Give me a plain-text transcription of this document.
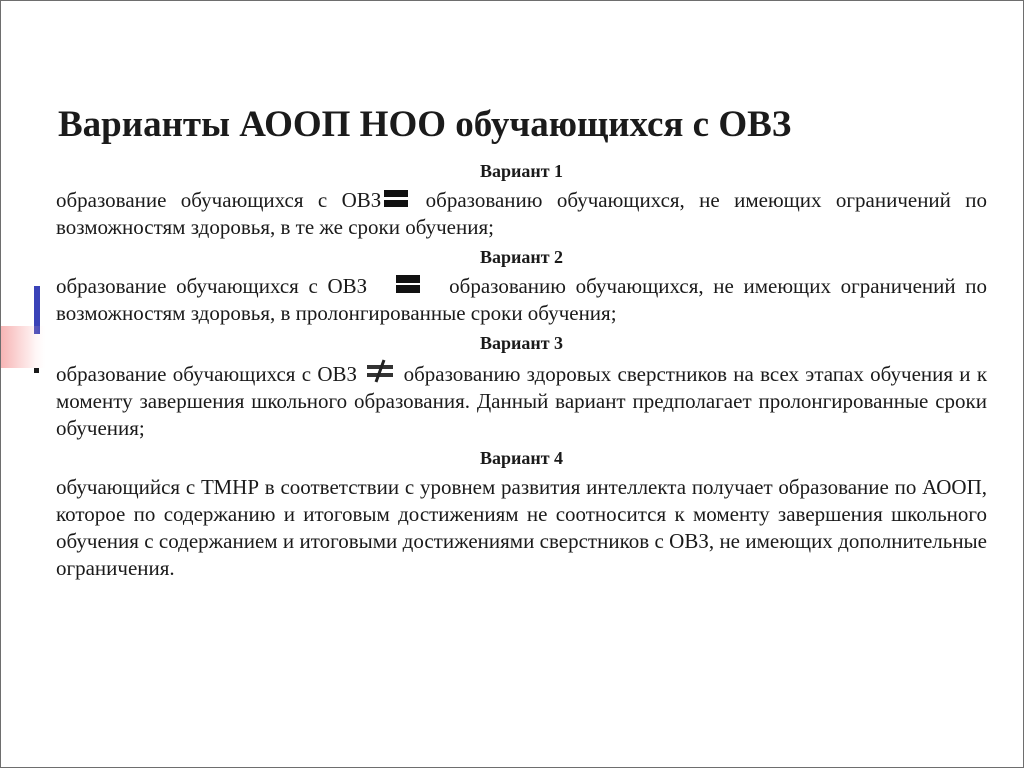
Варианты АООП НОО обучающихся с ОВЗ

Вариант 1

образование обучающихся с ОВЗ образованию обучающихся, не имеющих ограничений по возможностям здоровья, в те же сроки обучения;

Вариант 2

образование обучающихся с ОВЗ	образованию обучающихся, не имеющих ограничений по возможностям здоровья, в пролонгированные сроки обучения;

Вариант 3

образование обучающихся с ОВЗ образованию здоровых сверстников на всех этапах обучения и к моменту завершения школьного образования. Данный вариант предполагает пролонгированные сроки обучения;

Вариант 4

обучающийся с ТМНР в соответствии с уровнем развития интеллекта получает образование по АООП, которое по содержанию и итоговым достижениям не соотносится к моменту завершения школьного обучения с содержанием и итоговыми достижениями сверстников с ОВЗ, не имеющих дополнительные ограничения.
